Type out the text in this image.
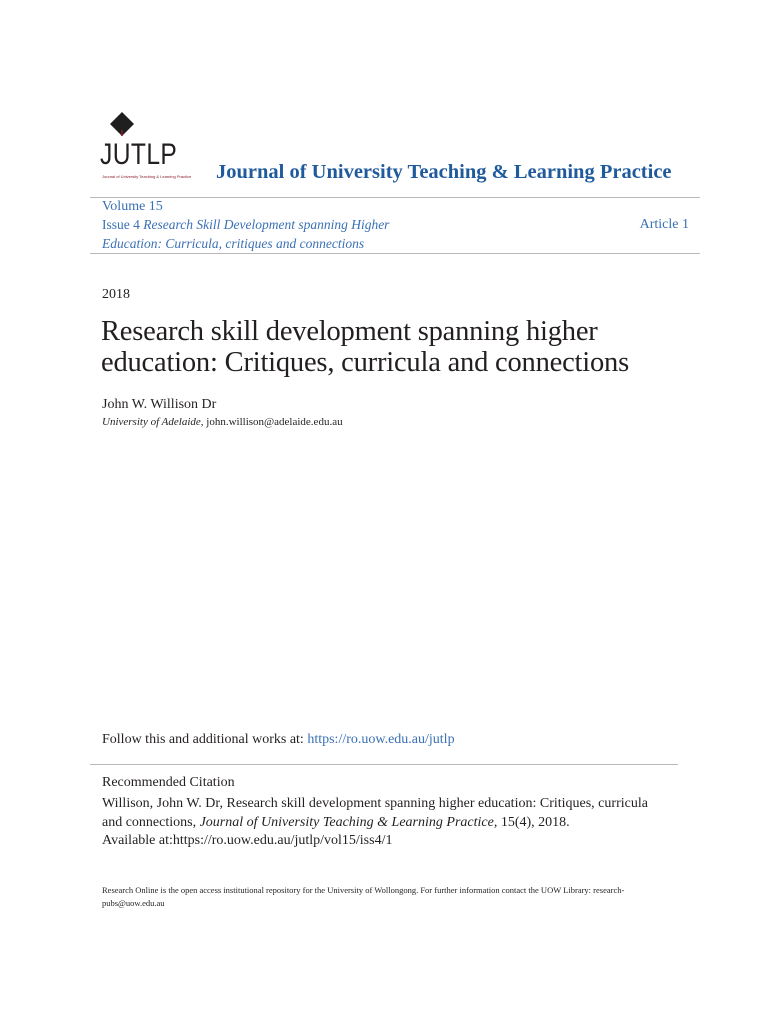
JUTLP
Journal of University Teaching & Learning Practice Journal of University Teaching & Learning Practice
Volume 15
Issue 4 Research Skill Development spanning Higher Education: Curricula, critiques and connections
Article 1
2018
Research skill development spanning higher education: Critiques, curricula and connections
John W. Willison Dr
University of Adelaide, john.willison@adelaide.edu.au
Follow this and additional works at: https://ro.uow.edu.au/jutlp
Recommended Citation
Willison, John W. Dr, Research skill development spanning higher education: Critiques, curricula and connections, Journal of University Teaching & Learning Practice, 15(4), 2018.
Available at:https://ro.uow.edu.au/jutlp/vol15/iss4/1
Research Online is the open access institutional repository for the University of Wollongong. For further information contact the UOW Library: research-pubs@uow.edu.au
